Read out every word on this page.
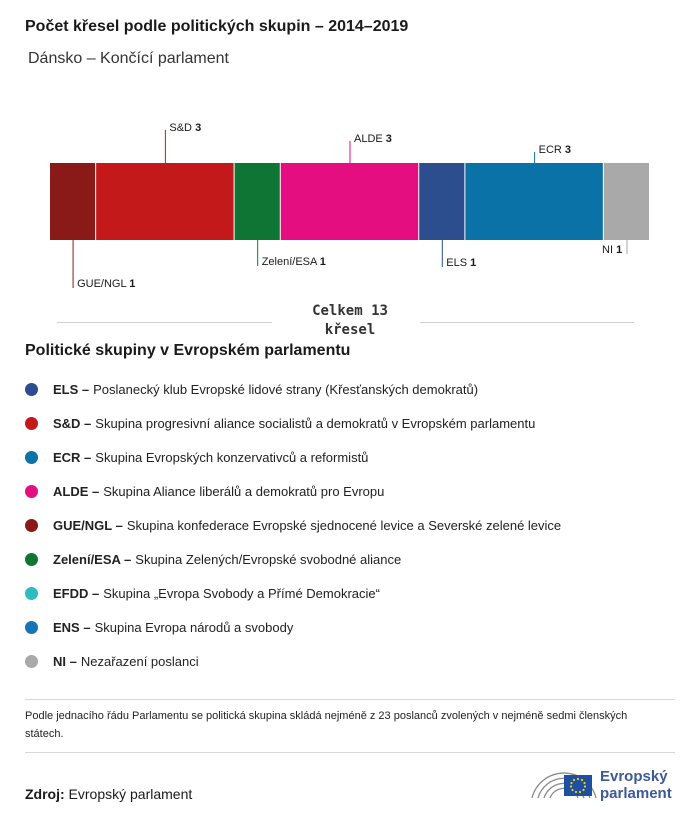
Počet křesel podle politických skupin – 2014–2019
Dánsko – Končící parlament
GUE/NGL 1
S&D 3
Zelení/ESA 1
ALDE 3
ELS 1
ECR 3
NI 1
Celkem 13
křesel
Politické skupiny v Evropském parlamentu
ELS – Poslanecký klub Evropské lidové strany (Křesťanských demokratů)
S&D – Skupina progresivní aliance socialistů a demokratů v Evropském parlamentu
ECR – Skupina Evropských konzervativců a reformistů
ALDE – Skupina Aliance liberálů a demokratů pro Evropu
GUE/NGL – Skupina konfederace Evropské sjednocené levice a Severské zelené levice
Zelení/ESA – Skupina Zelených/Evropské svobodné aliance
EFDD – Skupina „Evropa Svobody a Přímé Demokracie“
ENS – Skupina Evropa národů a svobody
NI – Nezařazení poslanci
Podle jednacího řádu Parlamentu se politická skupina skládá nejméně z 23 poslanců zvolených v nejméně sedmi členských státech.
Zdroj: Evropský parlament
Evropský
parlament
